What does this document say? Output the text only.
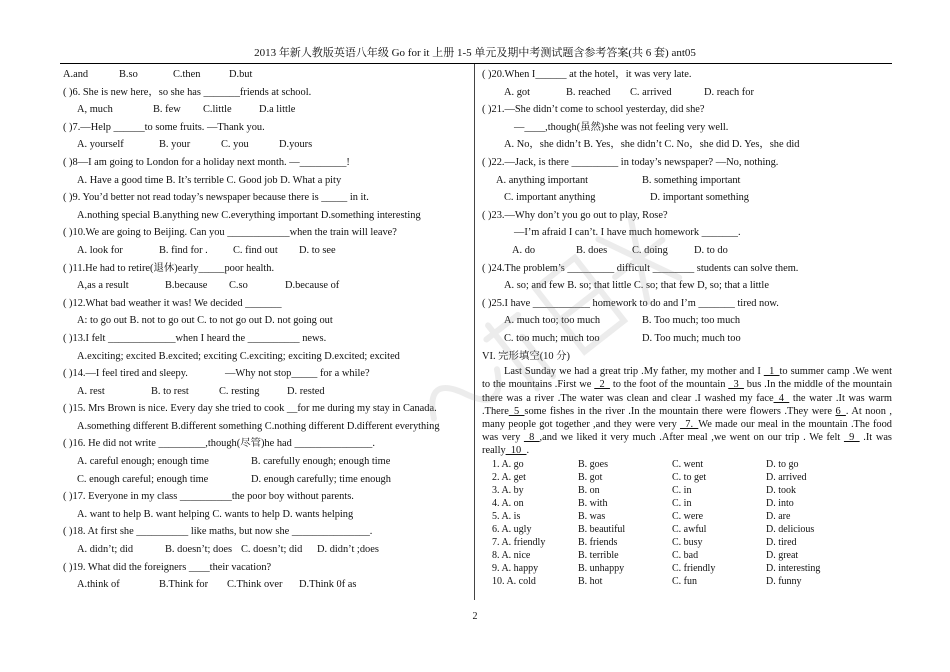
2013 年新人教版英语八年级 Go for it 上册 1-5 单元及期中考测试题含参考答案(共 6 套) ant05
A.and	B.so	C.then	D.but
( )6. She is new here，so she has _______friends at school.
A, much	B. few C.little	D.a little
( )7.—Help ______to some fruits. —Thank you.
A. yourself	B. your	C. you	D.yours
( )8—I am going to London for a holiday next month. —_________!
A. Have a good time B. It’s terrible C. Good job D. What a pity
( )9. You’d better not read today’s newspaper because there is _____ in it.
A.nothing special B.anything new C.everything important D.something interesting
( )10.We are going to Beijing. Can you ____________when the train will leave?
A. look for	B. find for . C. find out D. to see
( )11.He had to retire(退休)early_____poor health.
A,as a result	B.because C.so	D.because of
( )12.What bad weather it was! We decided _______
A: to go out B. not to go out C. to not go out D. not going out
( )13.I felt _____________when I heard the __________ news.
A.exciting; excited B.excited; exciting C.exciting; exciting D.excited; excited
( )14.—I feel tired and sleepy.	—Why not stop_____ for a while?
A. rest	B. to rest	C. resting	D. rested
( )15. Mrs Brown is nice. Every day she tried to cook __for me during my stay in Canada.
A.something different B.different something C.nothing different D.different everything
( )16. He did not write _________,though(尽管)he had _______________.
A. careful enough; enough time	B. carefully enough; enough time
C. enough careful; enough time	D. enough carefully; time enough
( )17. Everyone in my class __________the poor boy without parents.
A. want to help B. want helping C. wants to help D. wants helping
( )18. At first she __________ like maths, but now she _______________.
A. didn’t; did	B. doesn’t; does C. doesn’t; did D. didn’t ;does
( )19. What did the foreigners ____their vacation?
A.think of	B.Think for C.Think over D.Think 0f as
( )20.When I______ at the hotel，it was very late.
A. got	B. reached C. arrived	D. reach for
( )21.—She didn’t come to school yesterday, did she?
—____,though(虽然)she was not feeling very well.
A. No，she didn’t B. Yes，she didn’t C. No，she did D. Yes，she did
( )22.—Jack, is there _________ in today’s newspaper? —No, nothing.
A. anything important	B. something important
C. important anything	D. important something
( )23.—Why don’t you go out to play, Rose?
—I’m afraid I can’t. I have much homework _______.
A. do	B. does C. doing	D. to do
( )24.The problem’s _________ difficult ________ students can solve them.
A. so; and few B. so; that little C. so; that few D, so; that a little
( )25.I have ___________ homework to do and I’m _______ tired now.
A. much too; too much	B. Too much; too much
C. too much; much too	D. Too much; much too
VI. 完形填空(10 分)
Last Sunday we had a great trip .My father, my mother and I _1_to summer camp .We went to the mountains .First we _2_ to the foot of the mountain _3_ bus .In the middle of the mountain there was a river .The water was clean and clear .I washed my face_4_ the water .It was warm .There_5_some fishes in the river .In the mountain there were flowers .They were 6_. At noon , many people got together ,and they were very _7._We made our meal in the mountain .The food was very _8_,and we liked it very much .After meal ,we went on our trip . We felt _9_ .It was really_10_.
1. A. go	B. goes	C. went	D. to go
2. A. get	B. got	C. to get	D. arrived
3. A. by	B. on	C. in	D. took
4. A. on	B. with	C. in	D. into
5. A. is	B. was	C. were	D. are
6. A. ugly	B. beautiful	C. awful	D. delicious
7. A. friendly	B. friends	C. busy	D. tired
8. A. nice	B. terrible	C. bad	D. great
9. A. happy	B. unhappy	C. friendly	D. interesting
10. A. cold	B. hot	C. fun	D. funny
2
